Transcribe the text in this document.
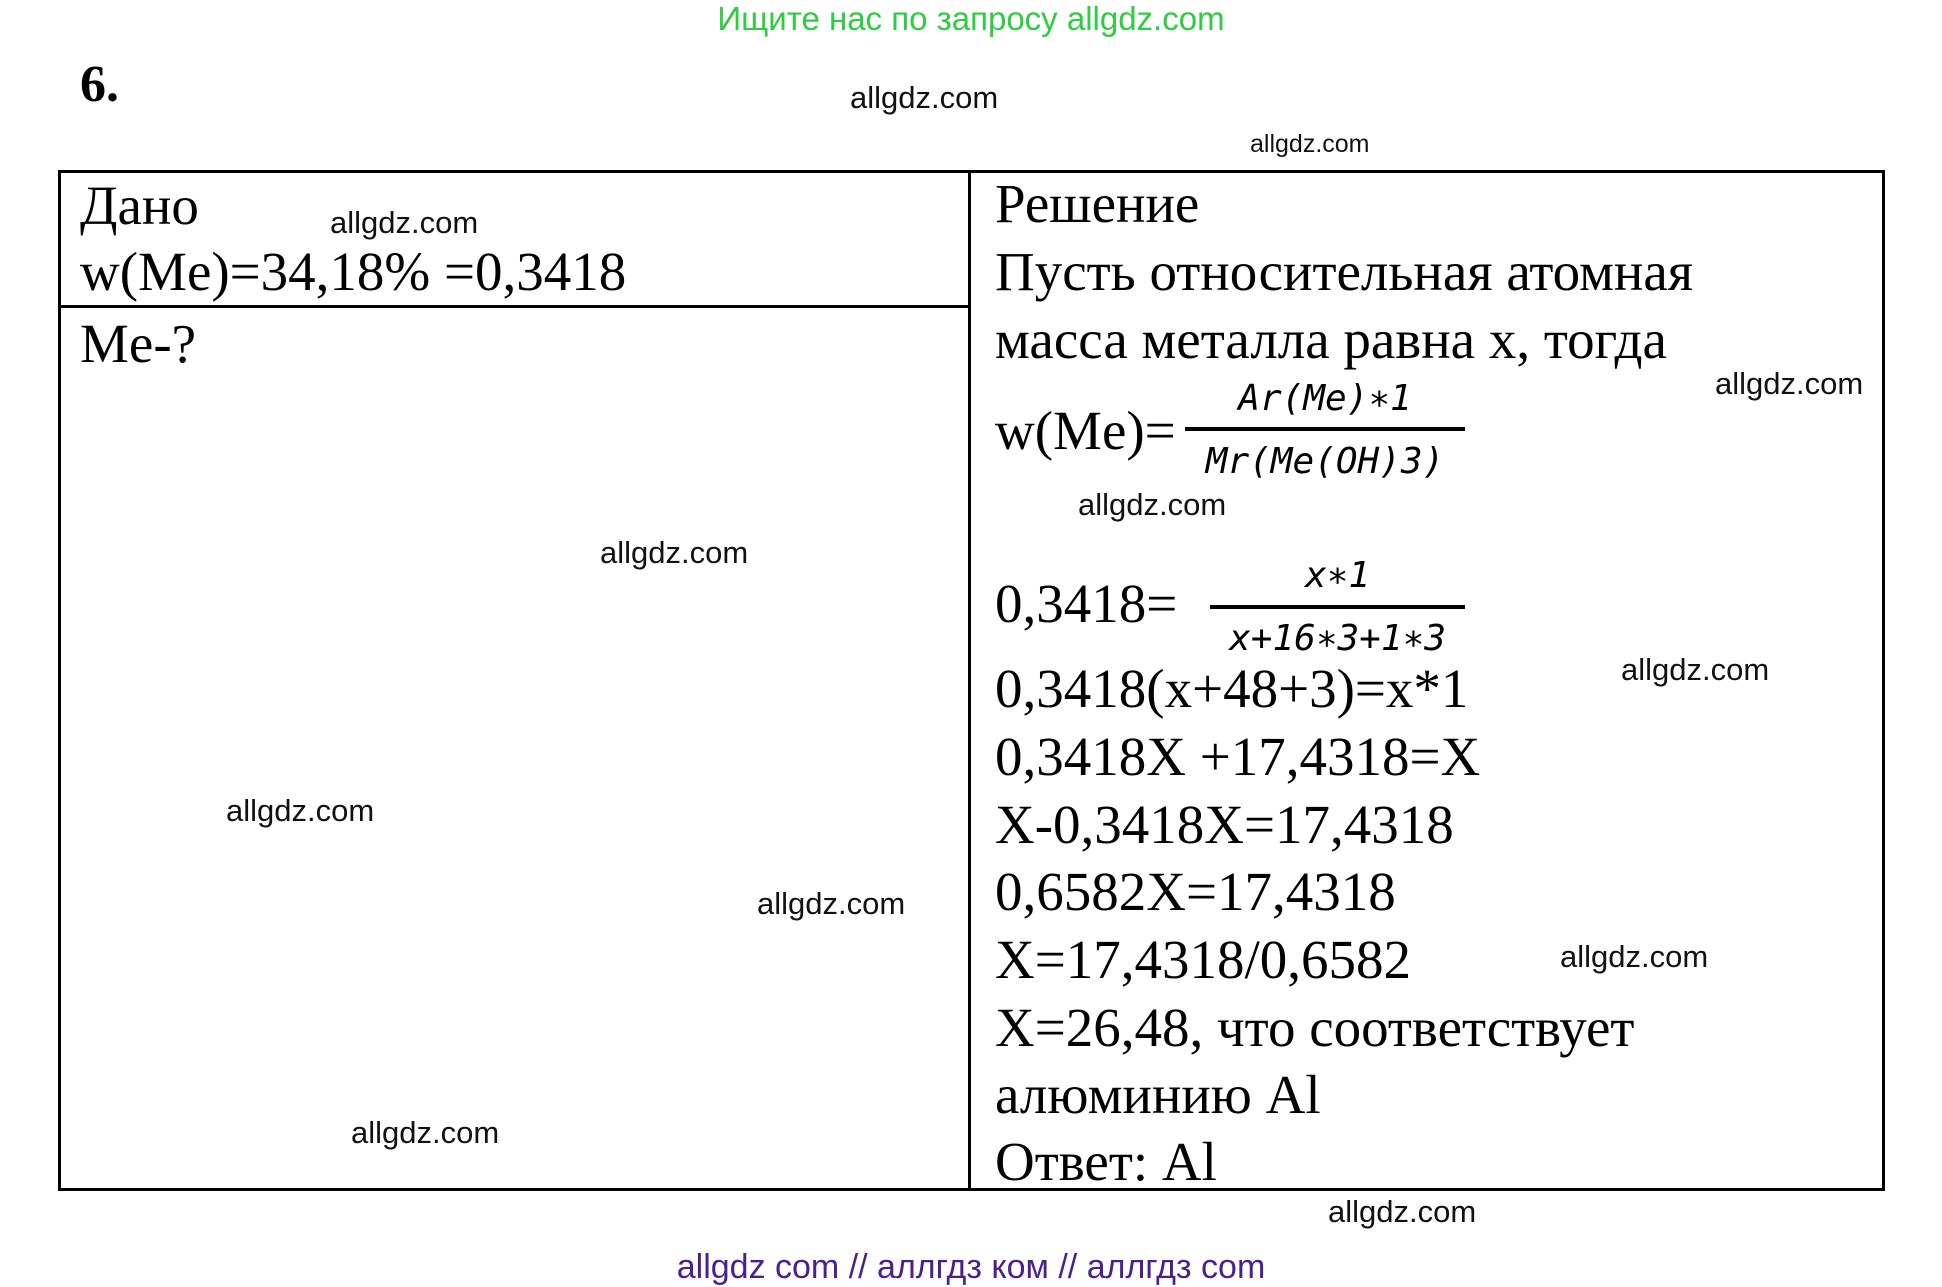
Ищите нас по запросу allgdz.com
6.
Дано
w(Me)=34,18% =0,3418
Me-?
Решение
Пусть относительная атомная
масса металла равна х, тогда
w(Me)=
Ar(Me)∗1
Mr(Me(OH)3)
0,3418=	x∗1
x+16∗3+1∗3
0,3418(x+48+3)=x*1
0,3418X +17,4318=X
X-0,3418X=17,4318
0,6582X=17,4318
X=17,4318/0,6582
X=26,48, что соответствует
алюминию Al
Ответ: Al
allgdz.com
allgdz.com
allgdz.com
allgdz.com
allgdz.com
allgdz.com
allgdz.com
allgdz.com
allgdz.com
allgdz.com
allgdz.com
allgdz.com
allgdz com // аллгдз ком // аллгдз com
